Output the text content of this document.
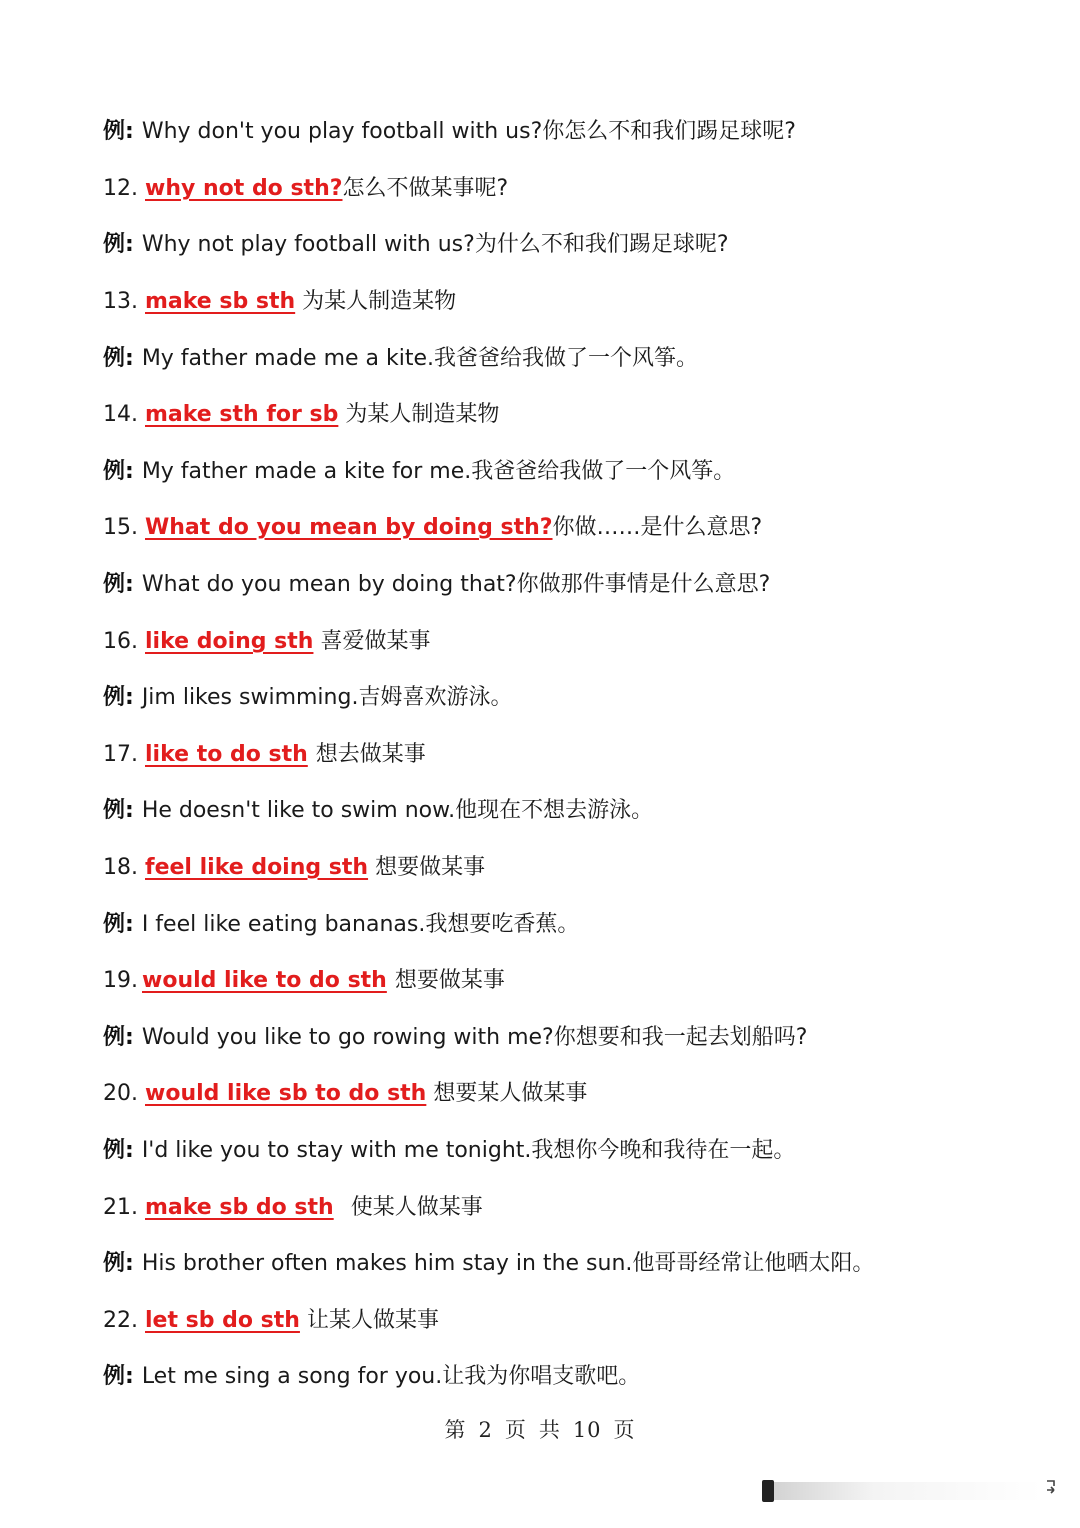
例: Why don't you play football with us?你怎么不和我们踢足球呢?
12. why not do sth?怎么不做某事呢?
例: Why not play football with us?为什么不和我们踢足球呢?
13. make sb sth 为某人制造某物
例: My father made me a kite.我爸爸给我做了一个风筝。
14. make sth for sb 为某人制造某物
例: My father made a kite for me.我爸爸给我做了一个风筝。
15. What do you mean by doing sth?你做……是什么意思?
例: What do you mean by doing that?你做那件事情是什么意思?
16. like doing sth 喜爱做某事
例: Jim likes swimming.吉姆喜欢游泳。
17. like to do sth 想去做某事
例: He doesn't like to swim now.他现在不想去游泳。
18. feel like doing sth 想要做某事
例: I feel like eating bananas.我想要吃香蕉。
19. would like to do sth 想要做某事
例: Would you like to go rowing with me?你想要和我一起去划船吗?
20. would like sb to do sth 想要某人做某事
例: I'd like you to stay with me tonight.我想你今晚和我待在一起。
21. make sb do sth 使某人做某事
例: His brother often makes him stay in the sun.他哥哥经常让他晒太阳。
22. let sb do sth 让某人做某事
例: Let me sing a song for you.让我为你唱支歌吧。
第 2 页 共 10 页
